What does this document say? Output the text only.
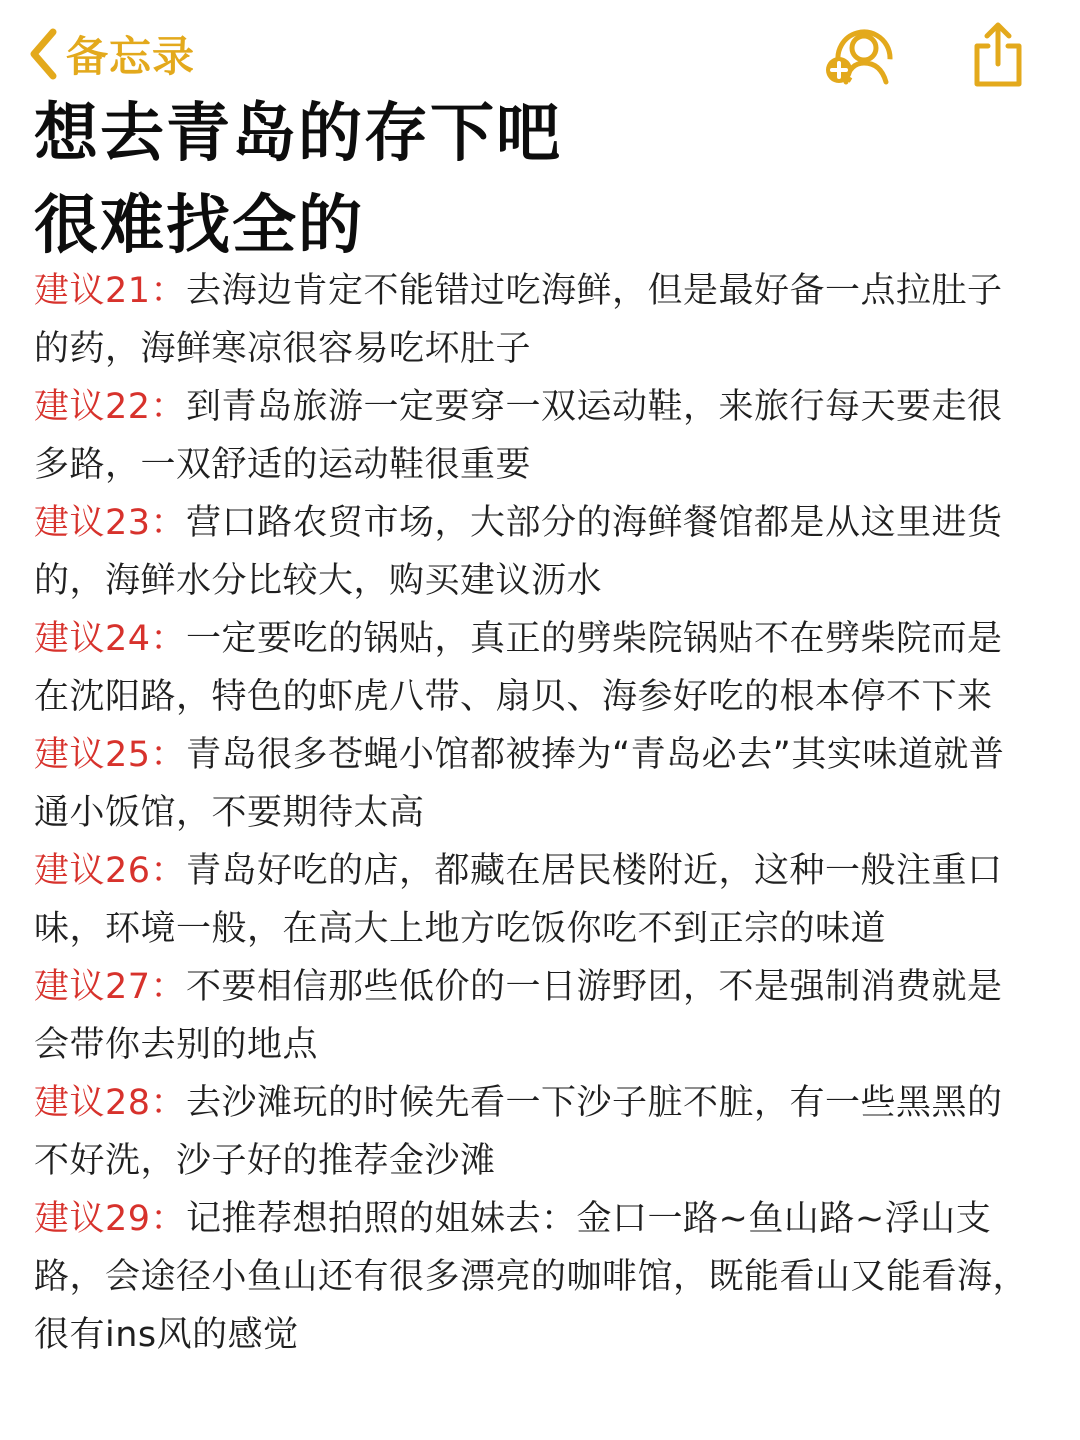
备忘录
想去青岛的存下吧
很难找全的
建议21：去海边肯定不能错过吃海鲜，但是最好备一点拉肚子的药，海鲜寒凉很容易吃坏肚子
建议22：到青岛旅游一定要穿一双运动鞋，来旅行每天要走很多路，一双舒适的运动鞋很重要
建议23：营口路农贸市场，大部分的海鲜餐馆都是从这里进货的，海鲜水分比较大，购买建议沥水
建议24：一定要吃的锅贴，真正的劈柴院锅贴不在劈柴院而是在沈阳路，特色的虾虎八带、扇贝、海参好吃的根本停不下来
建议25：青岛很多苍蝇小馆都被捧为“青岛必去”其实味道就普通小饭馆，不要期待太高
建议26：青岛好吃的店，都藏在居民楼附近，这种一般注重口味，环境一般，在高大上地方吃饭你吃不到正宗的味道
建议27：不要相信那些低价的一日游野团，不是强制消费就是会带你去别的地点
建议28：去沙滩玩的时候先看一下沙子脏不脏，有一些黑黑的不好洗，沙子好的推荐金沙滩
建议29：记推荐想拍照的姐妹去：金口一路~鱼山路~浮山支路，会途径小鱼山还有很多漂亮的咖啡馆，既能看山又能看海，很有ins风的感觉
